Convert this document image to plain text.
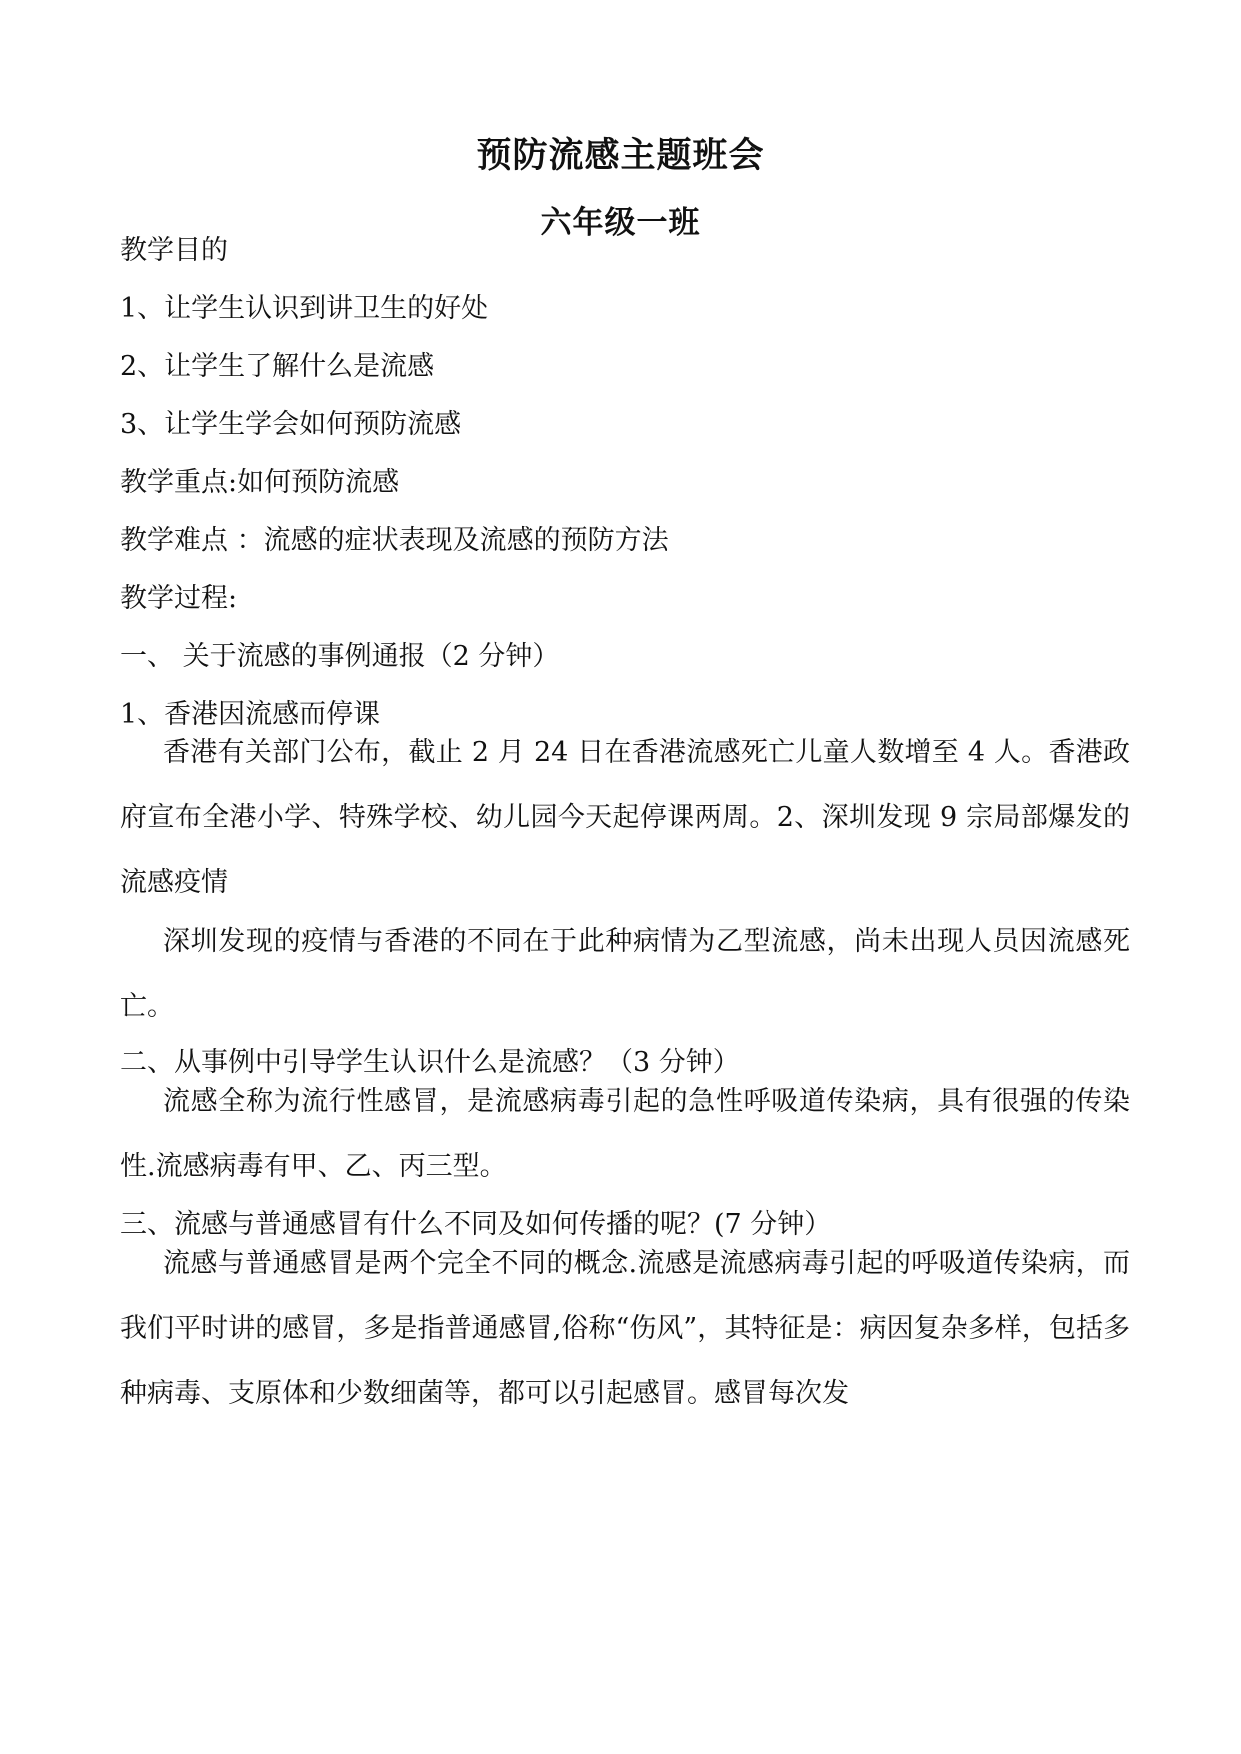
预防流感主题班会
六年级一班
教学目的
1、让学生认识到讲卫生的好处
2、让学生了解什么是流感
3、让学生学会如何预防流感
教学重点:如何预防流感
教学难点 ：流感的症状表现及流感的预防方法
教学过程:
一、 关于流感的事例通报（2 分钟）
1、香港因流感而停课
香港有关部门公布，截止 2 月 24 日在香港流感死亡儿童人数增至 4 人。香港政府宣布全港小学、特殊学校、幼儿园今天起停课两周。2、深圳发现 9 宗局部爆发的流感疫情
深圳发现的疫情与香港的不同在于此种病情为乙型流感，尚未出现人员因流感死亡。
二、从事例中引导学生认识什么是流感？（3 分钟）
流感全称为流行性感冒，是流感病毒引起的急性呼吸道传染病，具有很强的传染性.流感病毒有甲、乙、丙三型。
三、流感与普通感冒有什么不同及如何传播的呢？(7 分钟）
流感与普通感冒是两个完全不同的概念.流感是流感病毒引起的呼吸道传染病，而我们平时讲的感冒，多是指普通感冒,俗称“伤风”，其特征是：病因复杂多样，包括多种病毒、支原体和少数细菌等，都可以引起感冒。感冒每次发
